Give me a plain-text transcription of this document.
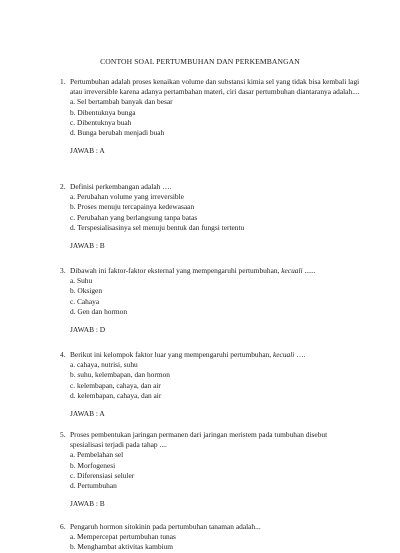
CONTOH SOAL PERTUMBUHAN DAN PERKEMBANGAN
1. Pertumbuhan adalah proses kenaikan volume dan substansi kimia sel yang tidak bisa kembali lagi atau irreversible karena adanya pertambahan materi, ciri dasar pertumbuhan diantaranya adalah....
a. Sel bertambah banyak dan besar
b. Dibentuknya bunga
c. Dibentuknya buah
d. Bunga berubah menjadi buah
JAWAB : A
2. Definisi perkembangan adalah ….
a. Perubahan volume yang irreversible
b. Proses menuju tercapainya kedewasaan
c. Perubahan yang berlangsung tanpa batas
d. Terspesialisasinya sel menuju bentuk dan fungsi tertentu
JAWAB : B
3. Dibawah ini faktor-faktor eksternal yang mempengaruhi pertumbuhan, kecuali ......
a. Suhu
b. Oksigen
c. Cahaya
d. Gen dan hormon
JAWAB : D
4. Berikut ini kelompok faktor luar yang mempengaruhi pertumbuhan, kecuali ….
a. cahaya, nutrisi, suhu
b. suhu, kelembapan, dan hormon
c. kelembapan, cahaya, dan air
d. kelembapan, cahaya, dan air
JAWAB : A
5. Proses pembentukan jaringan permanen dari jaringan meristem pada tumbuhan disebut spesialisasi terjadi pada tahap ....
a. Pembelahan sel
b. Morfogenesi
c. Diferensiasi seluler
d. Pertumbuhan
JAWAB : B
6. Pengaruh hormon sitokinin pada pertumbuhan tanaman adalah...
a. Mempercepat pertumbuhan tunas
b. Menghambat aktivitas kambium
